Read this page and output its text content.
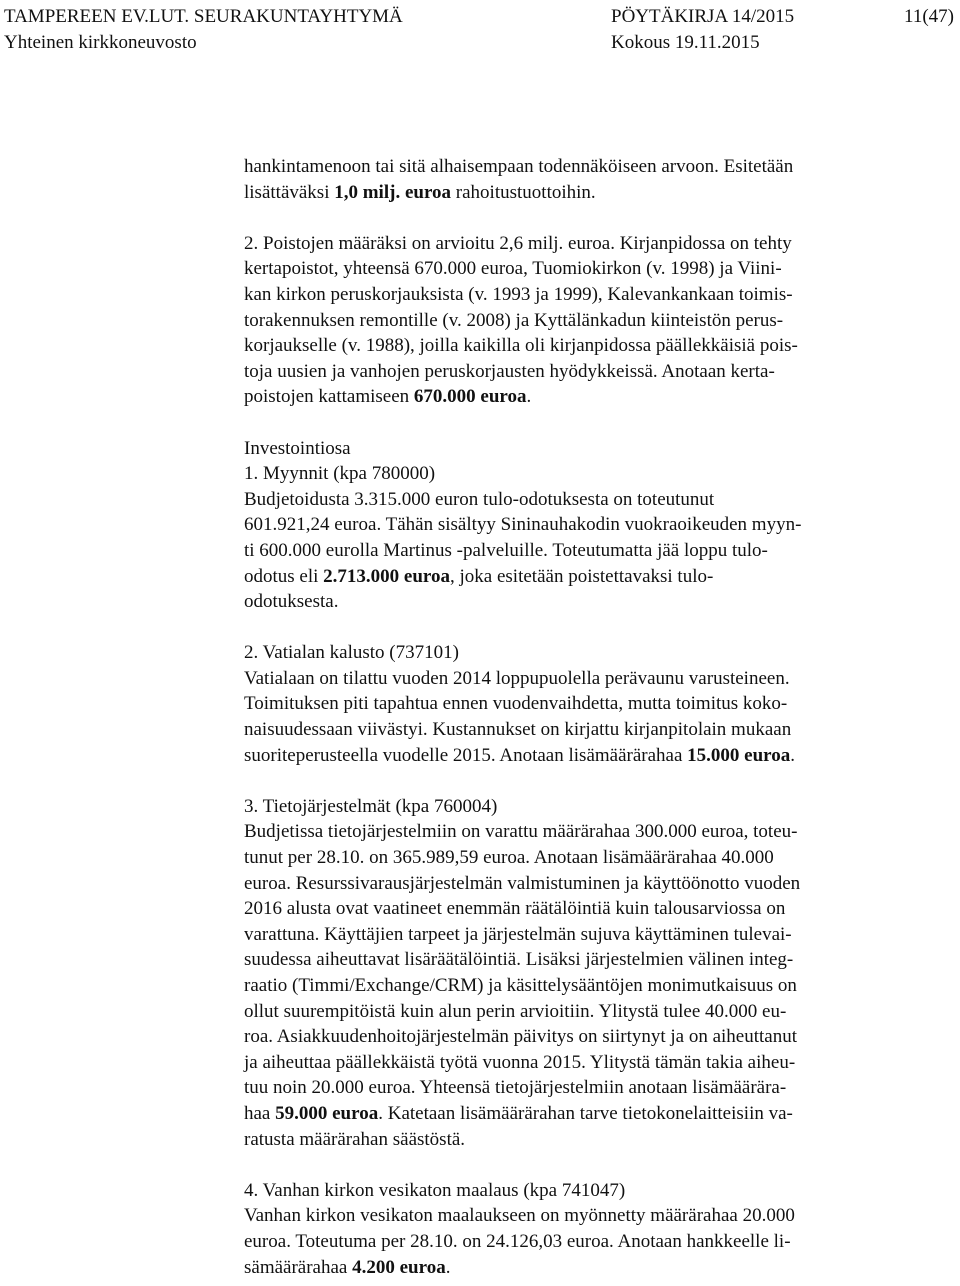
TAMPEREEN EV.LUT. SEURAKUNTAYHTYMÄ	PÖYTÄKIRJA 14/2015	11(47)
Yhteinen kirkkoneuvosto	Kokous 19.11.2015
hankintamenoon tai sitä alhaisempaan todennäköiseen arvoon. Esitetään
lisättäväksi 1,0 milj. euroa rahoitustuottoihin.
2. Poistojen määräksi on arvioitu 2,6 milj. euroa. Kirjanpidossa on tehty
kertapoistot, yhteensä 670.000 euroa, Tuomiokirkon (v. 1998) ja Viini-
kan kirkon peruskorjauksista (v. 1993 ja 1999), Kalevankankaan toimis-
torakennuksen remontille (v. 2008) ja Kyttälänkadun kiinteistön perus-
korjaukselle (v. 1988), joilla kaikilla oli kirjanpidossa päällekkäisiä pois-
toja uusien ja vanhojen peruskorjausten hyödykkeissä. Anotaan kerta-
poistojen kattamiseen 670.000 euroa.
Investointiosa
1. Myynnit (kpa 780000)
Budjetoidusta 3.315.000 euron tulo-odotuksesta on toteutunut
601.921,24 euroa. Tähän sisältyy Sininauhakodin vuokraoikeuden myyn-
ti 600.000 eurolla Martinus -palveluille. Toteutumatta jää loppu tulo-
odotus eli 2.713.000 euroa, joka esitetään poistettavaksi tulo-
odotuksesta.
2. Vatialan kalusto (737101)
Vatialaan on tilattu vuoden 2014 loppupuolella perävaunu varusteineen.
Toimituksen piti tapahtua ennen vuodenvaihdetta, mutta toimitus koko-
naisuudessaan viivästyi. Kustannukset on kirjattu kirjanpitolain mukaan
suoriteperusteella vuodelle 2015. Anotaan lisämäärärahaa 15.000 euroa.
3. Tietojärjestelmät (kpa 760004)
Budjetissa tietojärjestelmiin on varattu määrärahaa 300.000 euroa, toteu-
tunut per 28.10. on 365.989,59 euroa. Anotaan lisämäärärahaa 40.000
euroa. Resurssivarausjärjestelmän valmistuminen ja käyttöönotto vuoden
2016 alusta ovat vaatineet enemmän räätälöintiä kuin talousarviossa on
varattuna. Käyttäjien tarpeet ja järjestelmän sujuva käyttäminen tulevai-
suudessa aiheuttavat lisäräätälöintiä. Lisäksi järjestelmien välinen integ-
raatio (Timmi/Exchange/CRM) ja käsittelysääntöjen monimutkaisuus on
ollut suurempitöistä kuin alun perin arvioitiin. Ylitystä tulee 40.000 eu-
roa. Asiakkuudenhoitojärjestelmän päivitys on siirtynyt ja on aiheuttanut
ja aiheuttaa päällekkäistä työtä vuonna 2015. Ylitystä tämän takia aiheu-
tuu noin 20.000 euroa. Yhteensä tietojärjestelmiin anotaan lisämäärära-
haa 59.000 euroa. Katetaan lisämäärärahan tarve tietokonelaitteisiin va-
ratusta määrärahan säästöstä.
4. Vanhan kirkon vesikaton maalaus (kpa 741047)
Vanhan kirkon vesikaton maalaukseen on myönnetty määrärahaa 20.000
euroa. Toteutuma per 28.10. on 24.126,03 euroa. Anotaan hankkeelle li-
sämäärärahaa 4.200 euroa.
